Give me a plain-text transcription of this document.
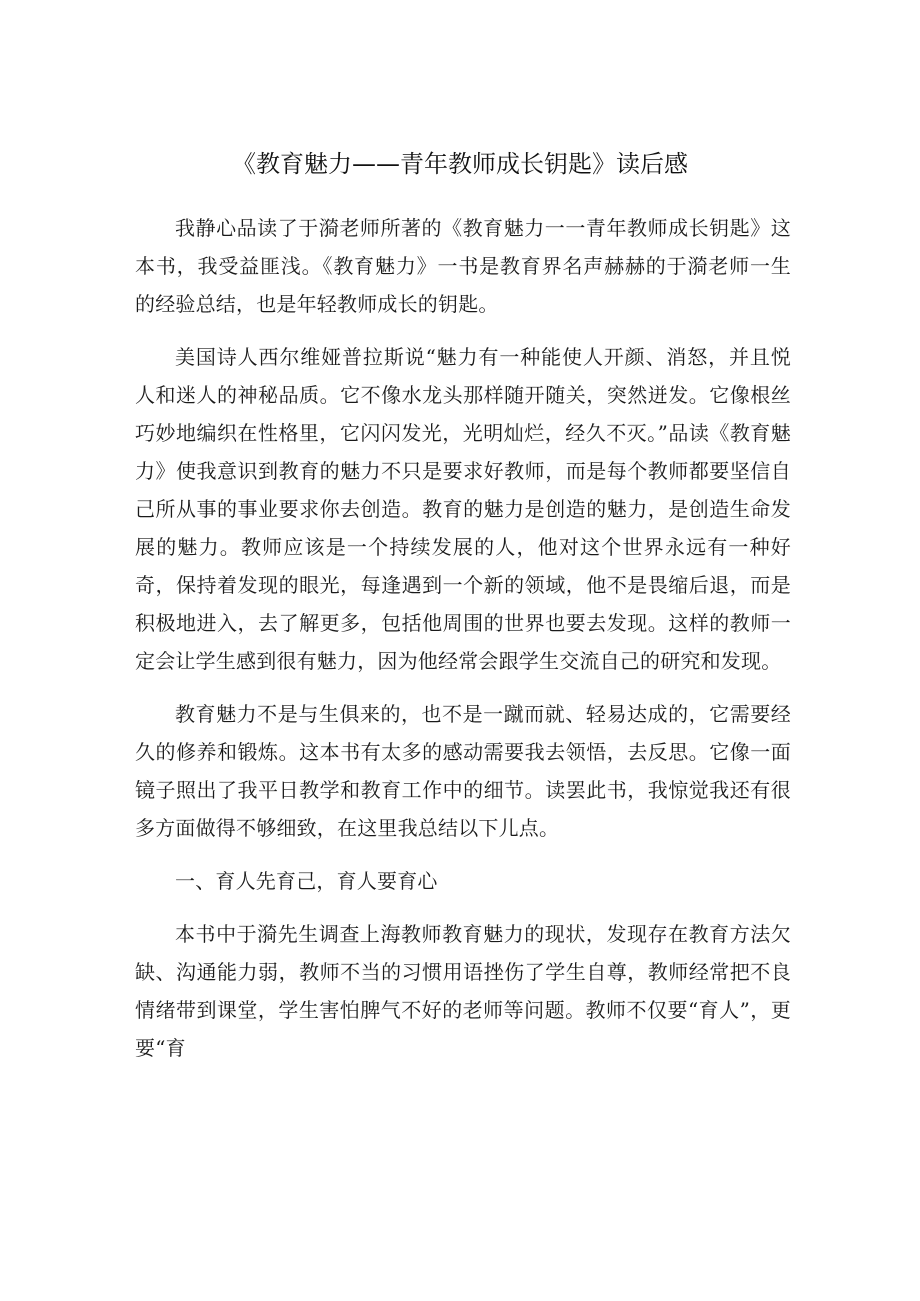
《教育魅力——青年教师成长钥匙》读后感

我静心品读了于漪老师所著的《教育魅力一一青年教师成长钥匙》这本书，我受益匪浅。《教育魅力》一书是教育界名声赫赫的于漪老师一生的经验总结，也是年轻教师成长的钥匙。

美国诗人西尔维娅普拉斯说“魅力有一种能使人开颜、消怒，并且悦人和迷人的神秘品质。它不像水龙头那样随开随关，突然迸发。它像根丝巧妙地编织在性格里，它闪闪发光，光明灿烂，经久不灭。”品读《教育魅力》使我意识到教育的魅力不只是要求好教师，而是每个教师都要坚信自己所从事的事业要求你去创造。教育的魅力是创造的魅力，是创造生命发展的魅力。教师应该是一个持续发展的人，他对这个世界永远有一种好奇，保持着发现的眼光，每逢遇到一个新的领域，他不是畏缩后退，而是积极地进入，去了解更多，包括他周围的世界也要去发现。这样的教师一定会让学生感到很有魅力，因为他经常会跟学生交流自己的研究和发现。

教育魅力不是与生俱来的，也不是一蹴而就、轻易达成的，它需要经久的修养和锻炼。这本书有太多的感动需要我去领悟，去反思。它像一面镜子照出了我平日教学和教育工作中的细节。读罢此书，我惊觉我还有很多方面做得不够细致，在这里我总结以下儿点。

一、育人先育己，育人要育心

本书中于漪先生调查上海教师教育魅力的现状，发现存在教育方法欠缺、沟通能力弱，教师不当的习惯用语挫伤了学生自尊，教师经常把不良情绪带到课堂，学生害怕脾气不好的老师等问题。教师不仅要“育人”，更要“育
